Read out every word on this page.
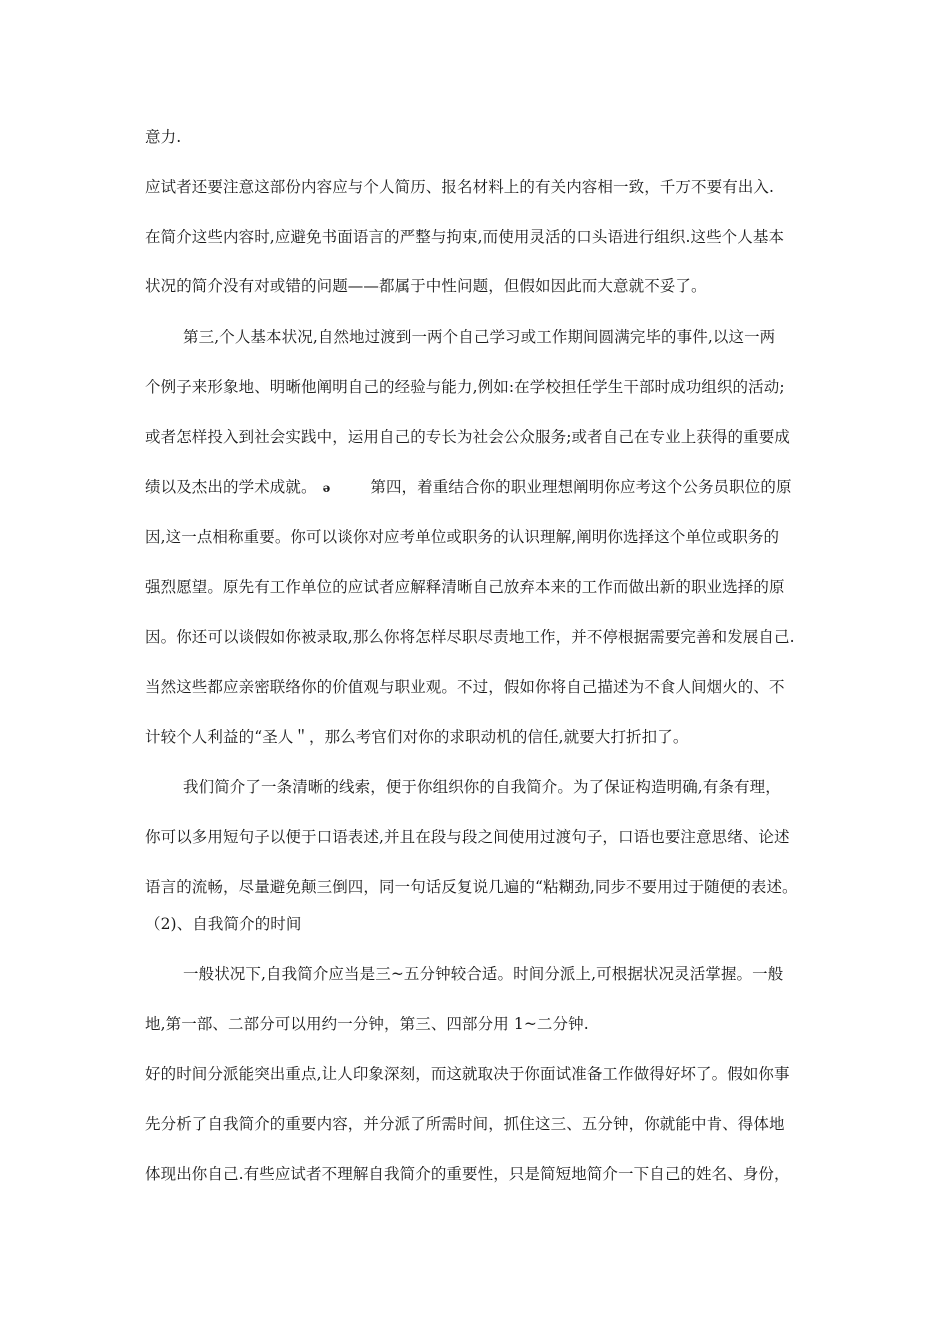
意力.
应试者还要注意这部份内容应与个人简历、报名材料上的有关内容相一致，千万不要有出入.
在简介这些内容时,应避免书面语言的严整与拘束,而使用灵活的口头语进行组织.这些个人基本
状况的简介没有对或错的问题——都属于中性问题，但假如因此而大意就不妥了。
第三,个人基本状况,自然地过渡到一两个自己学习或工作期间圆满完毕的事件,以这一两
个例子来形象地、明晰他阐明自己的经验与能力,例如:在学校担任学生干部时成功组织的活动;
或者怎样投入到社会实践中，运用自己的专长为社会公众服务;或者自己在专业上获得的重要成
绩以及杰出的学术成就。 ǝ	第四，着重结合你的职业理想阐明你应考这个公务员职位的原
因,这一点相称重要。你可以谈你对应考单位或职务的认识理解,阐明你选择这个单位或职务的
强烈愿望。原先有工作单位的应试者应解释清晰自己放弃本来的工作而做出新的职业选择的原
因。你还可以谈假如你被录取,那么你将怎样尽职尽责地工作，并不停根据需要完善和发展自己.
当然这些都应亲密联络你的价值观与职业观。不过，假如你将自己描述为不食人间烟火的、不
计较个人利益的“圣人＂，那么考官们对你的求职动机的信任,就要大打折扣了。
我们简介了一条清晰的线索，便于你组织你的自我简介。为了保证构造明确,有条有理，
你可以多用短句子以便于口语表述,并且在段与段之间使用过渡句子，口语也要注意思绪、论述
语言的流畅，尽量避免颠三倒四，同一句话反复说几遍的“粘糊劲,同步不要用过于随便的表述。
（2)、自我简介的时间
一般状况下,自我简介应当是三~五分钟较合适。时间分派上,可根据状况灵活掌握。一般
地,第一部、二部分可以用约一分钟，第三、四部分用 1~二分钟.
好的时间分派能突出重点,让人印象深刻，而这就取决于你面试准备工作做得好坏了。假如你事
先分析了自我简介的重要内容，并分派了所需时间，抓住这三、五分钟，你就能中肯、得体地
体现出你自己.有些应试者不理解自我简介的重要性，只是简短地简介一下自己的姓名、身份，
